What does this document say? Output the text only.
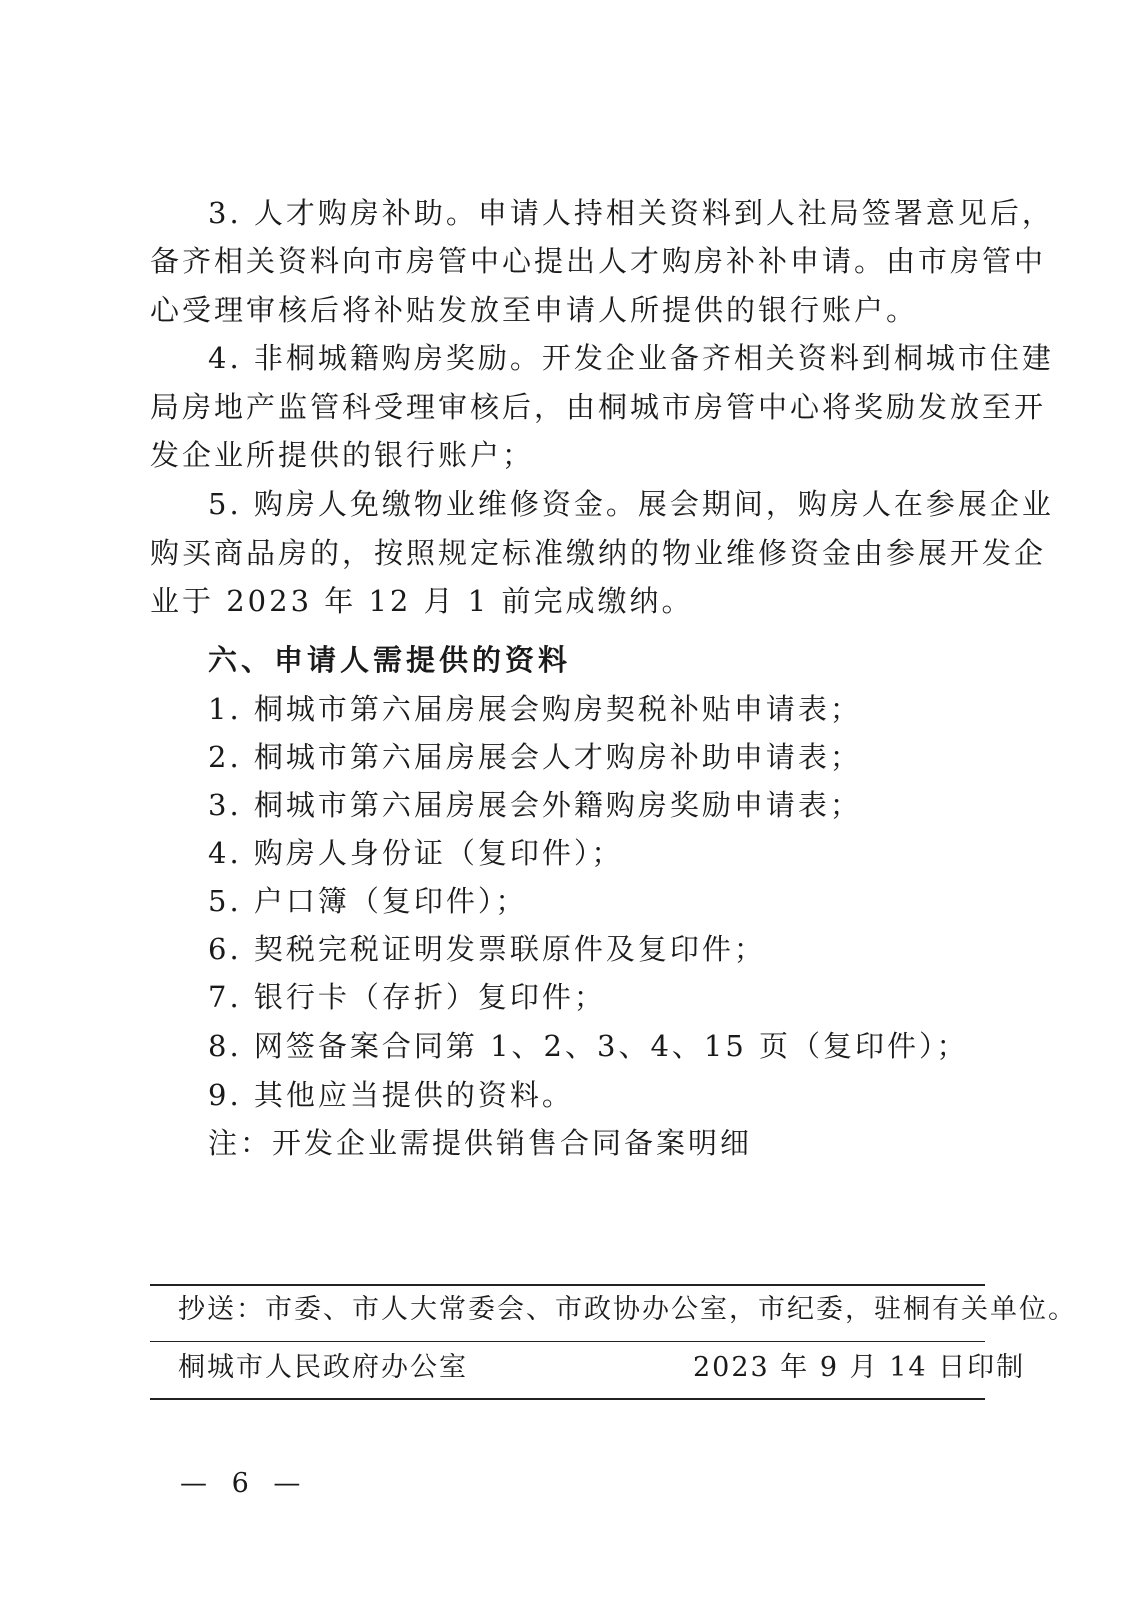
3. 人才购房补助。申请人持相关资料到人社局签署意见后，
备齐相关资料向市房管中心提出人才购房补补申请。由市房管中
心受理审核后将补贴发放至申请人所提供的银行账户。
4. 非桐城籍购房奖励。开发企业备齐相关资料到桐城市住建
局房地产监管科受理审核后，由桐城市房管中心将奖励发放至开
发企业所提供的银行账户；
5. 购房人免缴物业维修资金。展会期间，购房人在参展企业
购买商品房的，按照规定标准缴纳的物业维修资金由参展开发企
业于 2023 年 12 月 1 前完成缴纳。
六、申请人需提供的资料
1. 桐城市第六届房展会购房契税补贴申请表；
2. 桐城市第六届房展会人才购房补助申请表；
3. 桐城市第六届房展会外籍购房奖励申请表；
4. 购房人身份证（复印件）；
5. 户口簿（复印件）；
6. 契税完税证明发票联原件及复印件；
7. 银行卡（存折）复印件；
8. 网签备案合同第 1、2、3、4、15 页（复印件）；
9. 其他应当提供的资料。
注：开发企业需提供销售合同备案明细
抄送：市委、市人大常委会、市政协办公室，市纪委，驻桐有关单位。
桐城市人民政府办公室	2023 年 9 月 14 日印制
— 6 —
